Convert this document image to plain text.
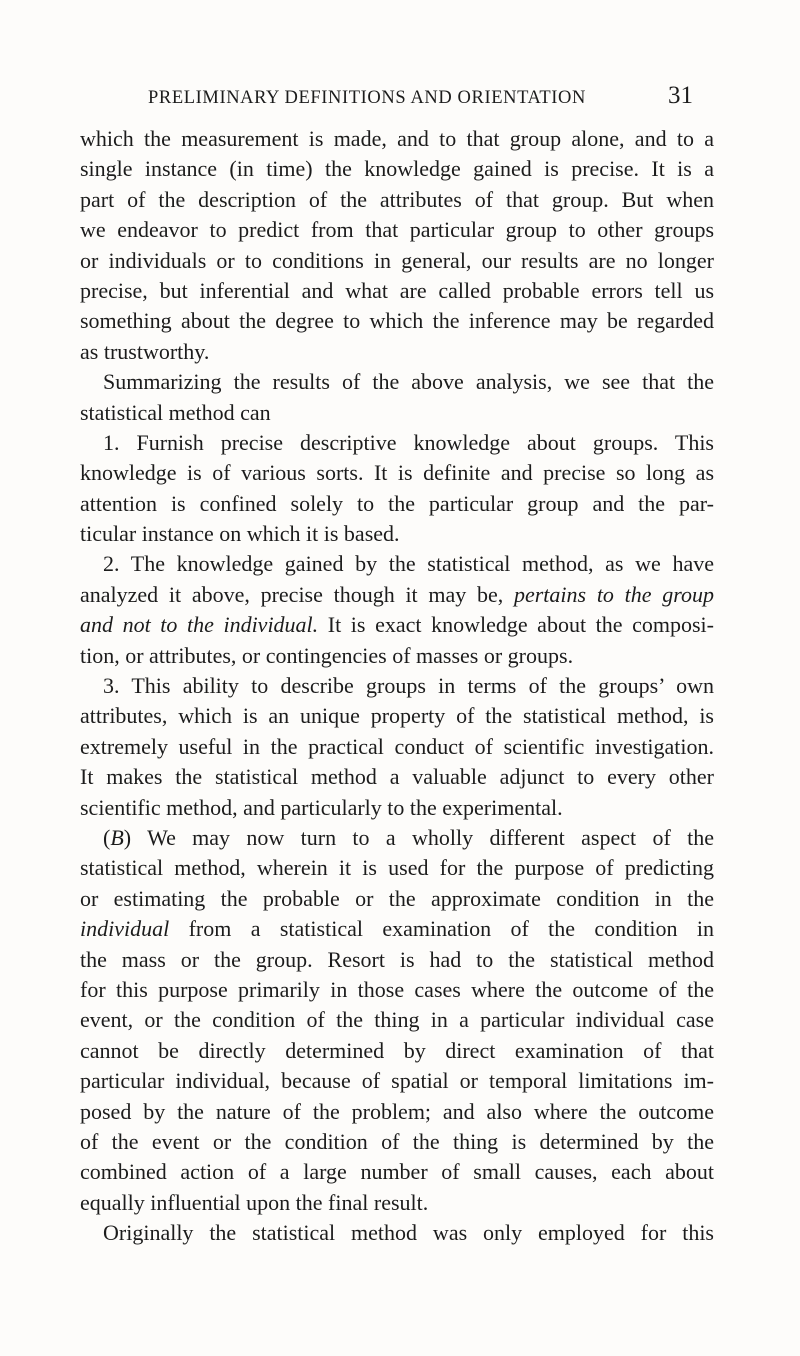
PRELIMINARY DEFINITIONS AND ORIENTATION	31
which the measurement is made, and to that group alone, and to a
single instance (in time) the knowledge gained is precise. It is a
part of the description of the attributes of that group. But when
we endeavor to predict from that particular group to other groups
or individuals or to conditions in general, our results are no longer
precise, but inferential and what are called probable errors tell us
something about the degree to which the inference may be regarded
as trustworthy.
Summarizing the results of the above analysis, we see that the
statistical method can
1. Furnish precise descriptive knowledge about groups. This
knowledge is of various sorts. It is definite and precise so long as
attention is confined solely to the particular group and the par-
ticular instance on which it is based.
2. The knowledge gained by the statistical method, as we have
analyzed it above, precise though it may be, pertains to the group
and not to the individual. It is exact knowledge about the composi-
tion, or attributes, or contingencies of masses or groups.
3. This ability to describe groups in terms of the groups’ own
attributes, which is an unique property of the statistical method, is
extremely useful in the practical conduct of scientific investigation.
It makes the statistical method a valuable adjunct to every other
scientific method, and particularly to the experimental.
(B) We may now turn to a wholly different aspect of the
statistical method, wherein it is used for the purpose of predicting
or estimating the probable or the approximate condition in the
individual from a statistical examination of the condition in
the mass or the group. Resort is had to the statistical method
for this purpose primarily in those cases where the outcome of the
event, or the condition of the thing in a particular individual case
cannot be directly determined by direct examination of that
particular individual, because of spatial or temporal limitations im-
posed by the nature of the problem; and also where the outcome
of the event or the condition of the thing is determined by the
combined action of a large number of small causes, each about
equally influential upon the final result.
Originally the statistical method was only employed for this
